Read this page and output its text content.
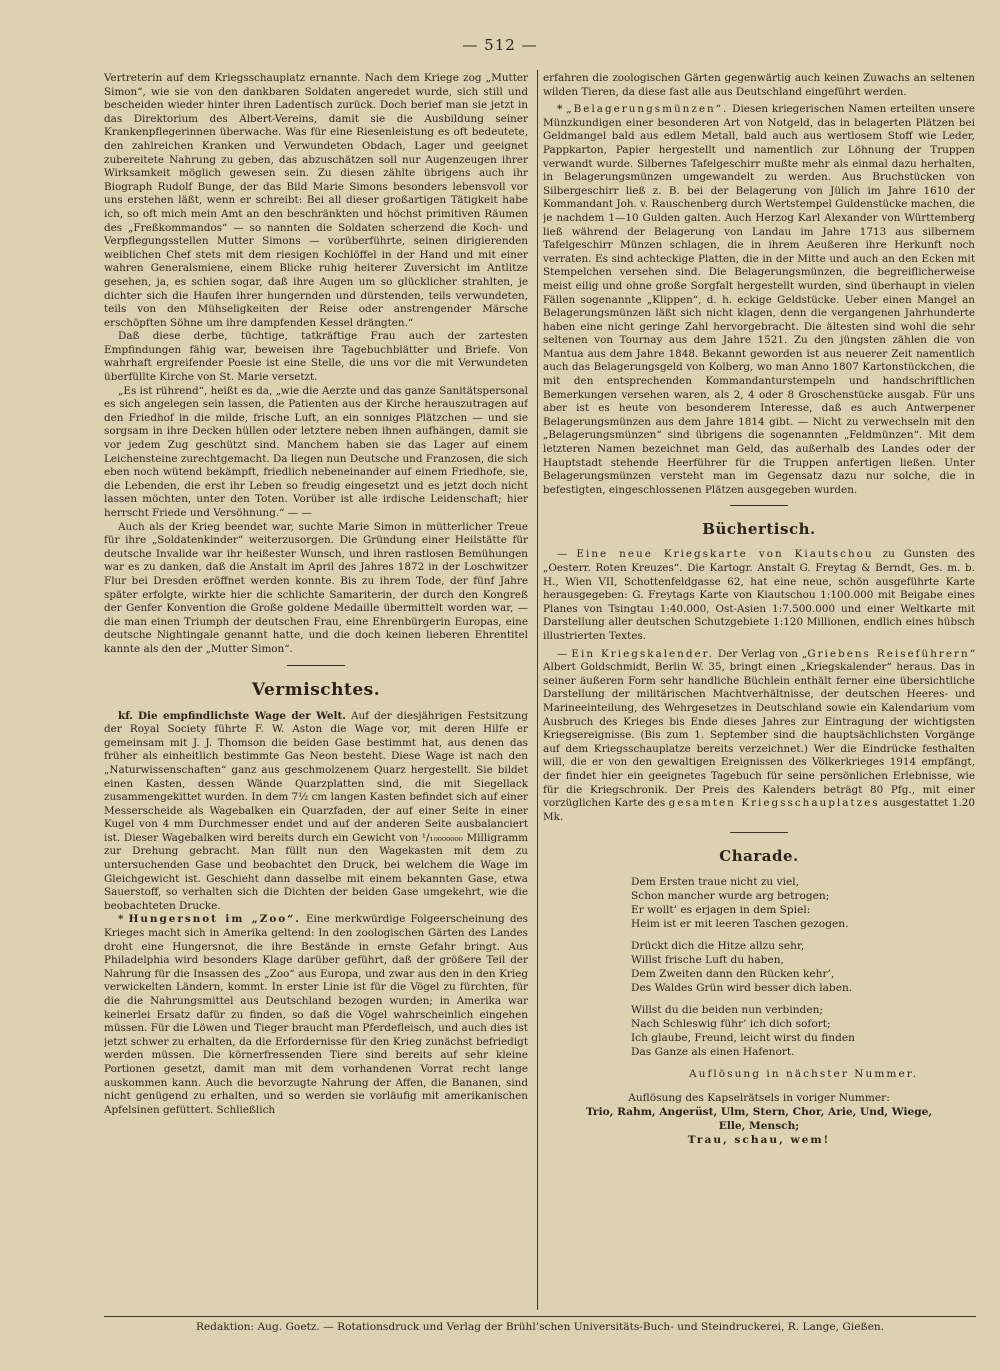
— 512 —

Vertreterin auf dem Kriegsschauplatz ernannte. Nach dem Kriege zog „Mutter Simon“, wie sie von den dankbaren Soldaten angeredet wurde, sich still und bescheiden wieder hinter ihren Ladentisch zurück. Doch berief man sie jetzt in das Direktorium des Albert-Vereins, damit sie die Ausbildung seiner Krankenpflegerinnen überwache. Was für eine Riesenleistung es oft bedeutete, den zahlreichen Kranken und Verwundeten Obdach, Lager und geeignet zubereitete Nahrung zu geben, das abzuschätzen soll nur Augenzeugen ihrer Wirksamkeit möglich gewesen sein. Zu diesen zählte übrigens auch ihr Biograph Rudolf Bunge, der das Bild Marie Simons besonders lebensvoll vor uns erstehen läßt, wenn er schreibt: Bei all dieser großartigen Tätigkeit habe ich, so oft mich mein Amt an den beschränkten und höchst primitiven Räumen des „Freßkommandos“ — so nannten die Soldaten scherzend die Koch- und Verpflegungsstellen Mutter Simons — vorüberführte, seinen dirigierenden weiblichen Chef stets mit dem riesigen Kochlöffel in der Hand und mit einer wahren Generalsmiene, einem Blicke ruhig heiterer Zuversicht im Antlitze gesehen, ja, es schien sogar, daß ihre Augen um so glücklicher strahlten, je dichter sich die Haufen ihrer hungernden und dürstenden, teils verwundeten, teils von den Mühseligkeiten der Reise oder anstrengender Märsche erschöpften Söhne um ihre dampfenden Kessel drängten.“

Daß diese derbe, tüchtige, tatkräftige Frau auch der zartesten Empfindungen fähig war, beweisen ihre Tagebuchblätter und Briefe. Von wahrhaft ergreifender Poesie ist eine Stelle, die uns vor die mit Verwundeten überfüllte Kirche von St. Marie versetzt.

„Es ist rührend“, heißt es da, „wie die Aerzte und das ganze Sanitätspersonal es sich angelegen sein lassen, die Patienten aus der Kirche herauszutragen auf den Friedhof in die milde, frische Luft, an ein sonniges Plätzchen — und sie sorgsam in ihre Decken hüllen oder letztere neben ihnen aufhängen, damit sie vor jedem Zug geschützt sind. Manchem haben sie das Lager auf einem Leichensteine zurechtgemacht. Da liegen nun Deutsche und Franzosen, die sich eben noch wütend bekämpft, friedlich nebeneinander auf einem Friedhofe, sie, die Lebenden, die erst ihr Leben so freudig eingesetzt und es jetzt doch nicht lassen möchten, unter den Toten. Vorüber ist alle irdische Leidenschaft; hier herrscht Friede und Versöhnung.“ — —

Auch als der Krieg beendet war, suchte Marie Simon in mütterlicher Treue für ihre „Soldatenkinder“ weiterzusorgen. Die Gründung einer Heilstätte für deutsche Invalide war ihr heißester Wunsch, und ihren rastlosen Bemühungen war es zu danken, daß die Anstalt im April des Jahres 1872 in der Loschwitzer Flur bei Dresden eröffnet werden konnte. Bis zu ihrem Tode, der fünf Jahre später erfolgte, wirkte hier die schlichte Samariterin, der durch den Kongreß der Genfer Konvention die Große goldene Medaille übermittelt worden war, — die man einen Triumph der deutschen Frau, eine Ehrenbürgerin Europas, eine deutsche Nightingale genannt hatte, und die doch keinen lieberen Ehrentitel kannte als den der „Mutter Simon“.

Vermischtes.

kf. Die empfindlichste Wage der Welt. Auf der diesjährigen Festsitzung der Royal Society führte F. W. Aston die Wage vor, mit deren Hilfe er gemeinsam mit J. J. Thomson die beiden Gase bestimmt hat, aus denen das früher als einheitlich bestimmte Gas Neon besteht. Diese Wage ist nach den „Naturwissenschaften“ ganz aus geschmolzenem Quarz hergestellt. Sie bildet einen Kasten, dessen Wände Quarzplatten sind, die mit Siegellack zusammengekittet wurden. In dem 7½ cm langen Kasten befindet sich auf einer Messerscheide als Wagebalken ein Quarzfaden, der auf einer Seite in einer Kugel von 4 mm Durchmesser endet und auf der anderen Seite ausbalanciert ist. Dieser Wagebalken wird bereits durch ein Gewicht von ¹/₁₀₀₀₀₀₀₀ Milligramm zur Drehung gebracht. Man füllt nun den Wagekasten mit dem zu untersuchenden Gase und beobachtet den Druck, bei welchem die Wage im Gleichgewicht ist. Geschieht dann dasselbe mit einem bekannten Gase, etwa Sauerstoff, so verhalten sich die Dichten der beiden Gase umgekehrt, wie die beobachteten Drucke.

* Hungersnot im „Zoo“. Eine merkwürdige Folgeerscheinung des Krieges macht sich in Amerika geltend: In den zoologischen Gärten des Landes droht eine Hungersnot, die ihre Bestände in ernste Gefahr bringt. Aus Philadelphia wird besonders Klage darüber geführt, daß der größere Teil der Nahrung für die Insassen des „Zoo“ aus Europa, und zwar aus den in den Krieg verwickelten Ländern, kommt. In erster Linie ist für die Vögel zu fürchten, für die die Nahrungsmittel aus Deutschland bezogen wurden; in Amerika war keinerlei Ersatz dafür zu finden, so daß die Vögel wahrscheinlich eingehen müssen. Für die Löwen und Tieger braucht man Pferdefleisch, und auch dies ist jetzt schwer zu erhalten, da die Erfordernisse für den Krieg zunächst befriedigt werden müssen. Die körnerfressenden Tiere sind bereits auf sehr kleine Portionen gesetzt, damit man mit dem vorhandenen Vorrat recht lange auskommen kann. Auch die bevorzugte Nahrung der Affen, die Bananen, sind nicht genügend zu erhalten, und so werden sie vorläufig mit amerikanischen Apfelsinen gefüttert. Schließlich

erfahren die zoologischen Gärten gegenwärtig auch keinen Zuwachs an seltenen wilden Tieren, da diese fast alle aus Deutschland eingeführt werden.

* „Belagerungsmünzen“. Diesen kriegerischen Namen erteilten unsere Münzkundigen einer besonderen Art von Notgeld, das in belagerten Plätzen bei Geldmangel bald aus edlem Metall, bald auch aus wertlosem Stoff wie Leder, Pappkarton, Papier hergestellt und namentlich zur Löhnung der Truppen verwandt wurde. Silbernes Tafelgeschirr mußte mehr als einmal dazu herhalten, in Belagerungsmünzen umgewandelt zu werden. Aus Bruchstücken von Silbergeschirr ließ z. B. bei der Belagerung von Jülich im Jahre 1610 der Kommandant Joh. v. Rauschenberg durch Wertstempel Guldenstücke machen, die je nachdem 1—10 Gulden galten. Auch Herzog Karl Alexander von Württemberg ließ während der Belagerung von Landau im Jahre 1713 aus silbernem Tafelgeschirr Münzen schlagen, die in ihrem Aeußeren ihre Herkunft noch verraten. Es sind achteckige Platten, die in der Mitte und auch an den Ecken mit Stempelchen versehen sind. Die Belagerungsmünzen, die begreiflicherweise meist eilig und ohne große Sorgfalt hergestellt wurden, sind überhaupt in vielen Fällen sogenannte „Klippen“, d. h. eckige Geldstücke. Ueber einen Mangel an Belagerungsmünzen läßt sich nicht klagen, denn die vergangenen Jahrhunderte haben eine nicht geringe Zahl hervorgebracht. Die ältesten sind wohl die sehr seltenen von Tournay aus dem Jahre 1521. Zu den jüngsten zählen die von Mantua aus dem Jahre 1848. Bekannt geworden ist aus neuerer Zeit namentlich auch das Belagerungsgeld von Kolberg, wo man Anno 1807 Kartonstückchen, die mit den entsprechenden Kommandanturstempeln und handschriftlichen Bemerkungen versehen waren, als 2, 4 oder 8 Groschenstücke ausgab. Für uns aber ist es heute von besonderem Interesse, daß es auch Antwerpener Belagerungsmünzen aus dem Jahre 1814 gibt. — Nicht zu verwechseln mit den „Belagerungsmünzen“ sind übrigens die sogenannten „Feldmünzen“. Mit dem letzteren Namen bezeichnet man Geld, das außerhalb des Landes oder der Hauptstadt stehende Heerführer für die Truppen anfertigen ließen. Unter Belagerungsmünzen versteht man im Gegensatz dazu nur solche, die in befestigten, eingeschlossenen Plätzen ausgegeben wurden.

Büchertisch.

— Eine neue Kriegskarte von Kiautschou zu Gunsten des „Oesterr. Roten Kreuzes“. Die Kartogr. Anstalt G. Freytag & Berndt, Ges. m. b. H., Wien VII, Schottenfeldgasse 62, hat eine neue, schön ausgeführte Karte herausgegeben: G. Freytags Karte von Kiautschou 1:100.000 mit Beigabe eines Planes von Tsingtau 1:40.000, Ost-Asien 1:7.500.000 und einer Weltkarte mit Darstellung aller deutschen Schutzgebiete 1:120 Millionen, endlich eines hübsch illustrierten Textes.

— Ein Kriegskalender. Der Verlag von „Griebens Reiseführern“ Albert Goldschmidt, Berlin W. 35, bringt einen „Kriegskalender“ heraus. Das in seiner äußeren Form sehr handliche Büchlein enthält ferner eine übersichtliche Darstellung der militärischen Machtverhältnisse, der deutschen Heeres- und Marineeinteilung, des Wehrgesetzes in Deutschland sowie ein Kalendarium vom Ausbruch des Krieges bis Ende dieses Jahres zur Eintragung der wichtigsten Kriegsereignisse. (Bis zum 1. September sind die hauptsächlichsten Vorgänge auf dem Kriegsschauplatze bereits verzeichnet.) Wer die Eindrücke festhalten will, die er von den gewaltigen Ereignissen des Völkerkrieges 1914 empfängt, der findet hier ein geeignetes Tagebuch für seine persönlichen Erlebnisse, wie für die Kriegschronik. Der Preis des Kalenders beträgt 80 Pfg., mit einer vorzüglichen Karte des gesamten Kriegsschauplatzes ausgestattet 1.20 Mk.

Charade.
Dem Ersten traue nicht zu viel,
Schon mancher wurde arg betrogen;
Er wollt’ es erjagen in dem Spiel:
Heim ist er mit leeren Taschen gezogen.
Drückt dich die Hitze allzu sehr,
Willst frische Luft du haben,
Dem Zweiten dann den Rücken kehr’,
Des Waldes Grün wird besser dich laben.
Willst du die beiden nun verbinden;
Nach Schleswig führ’ ich dich sofort;
Ich glaube, Freund, leicht wirst du finden
Das Ganze als einen Hafenort.
Auflösung in nächster Nummer.
Auflösung des Kapselrätsels in voriger Nummer:
Trio, Rahm, Angerüst, Ulm, Stern, Chor, Arie, Und, Wiege,
Elle, Mensch;
Trau, schau, wem!
Redaktion: Aug. Goetz. — Rotationsdruck und Verlag der Brühl’schen Universitäts-Buch- und Steindruckerei, R. Lange, Gießen.
